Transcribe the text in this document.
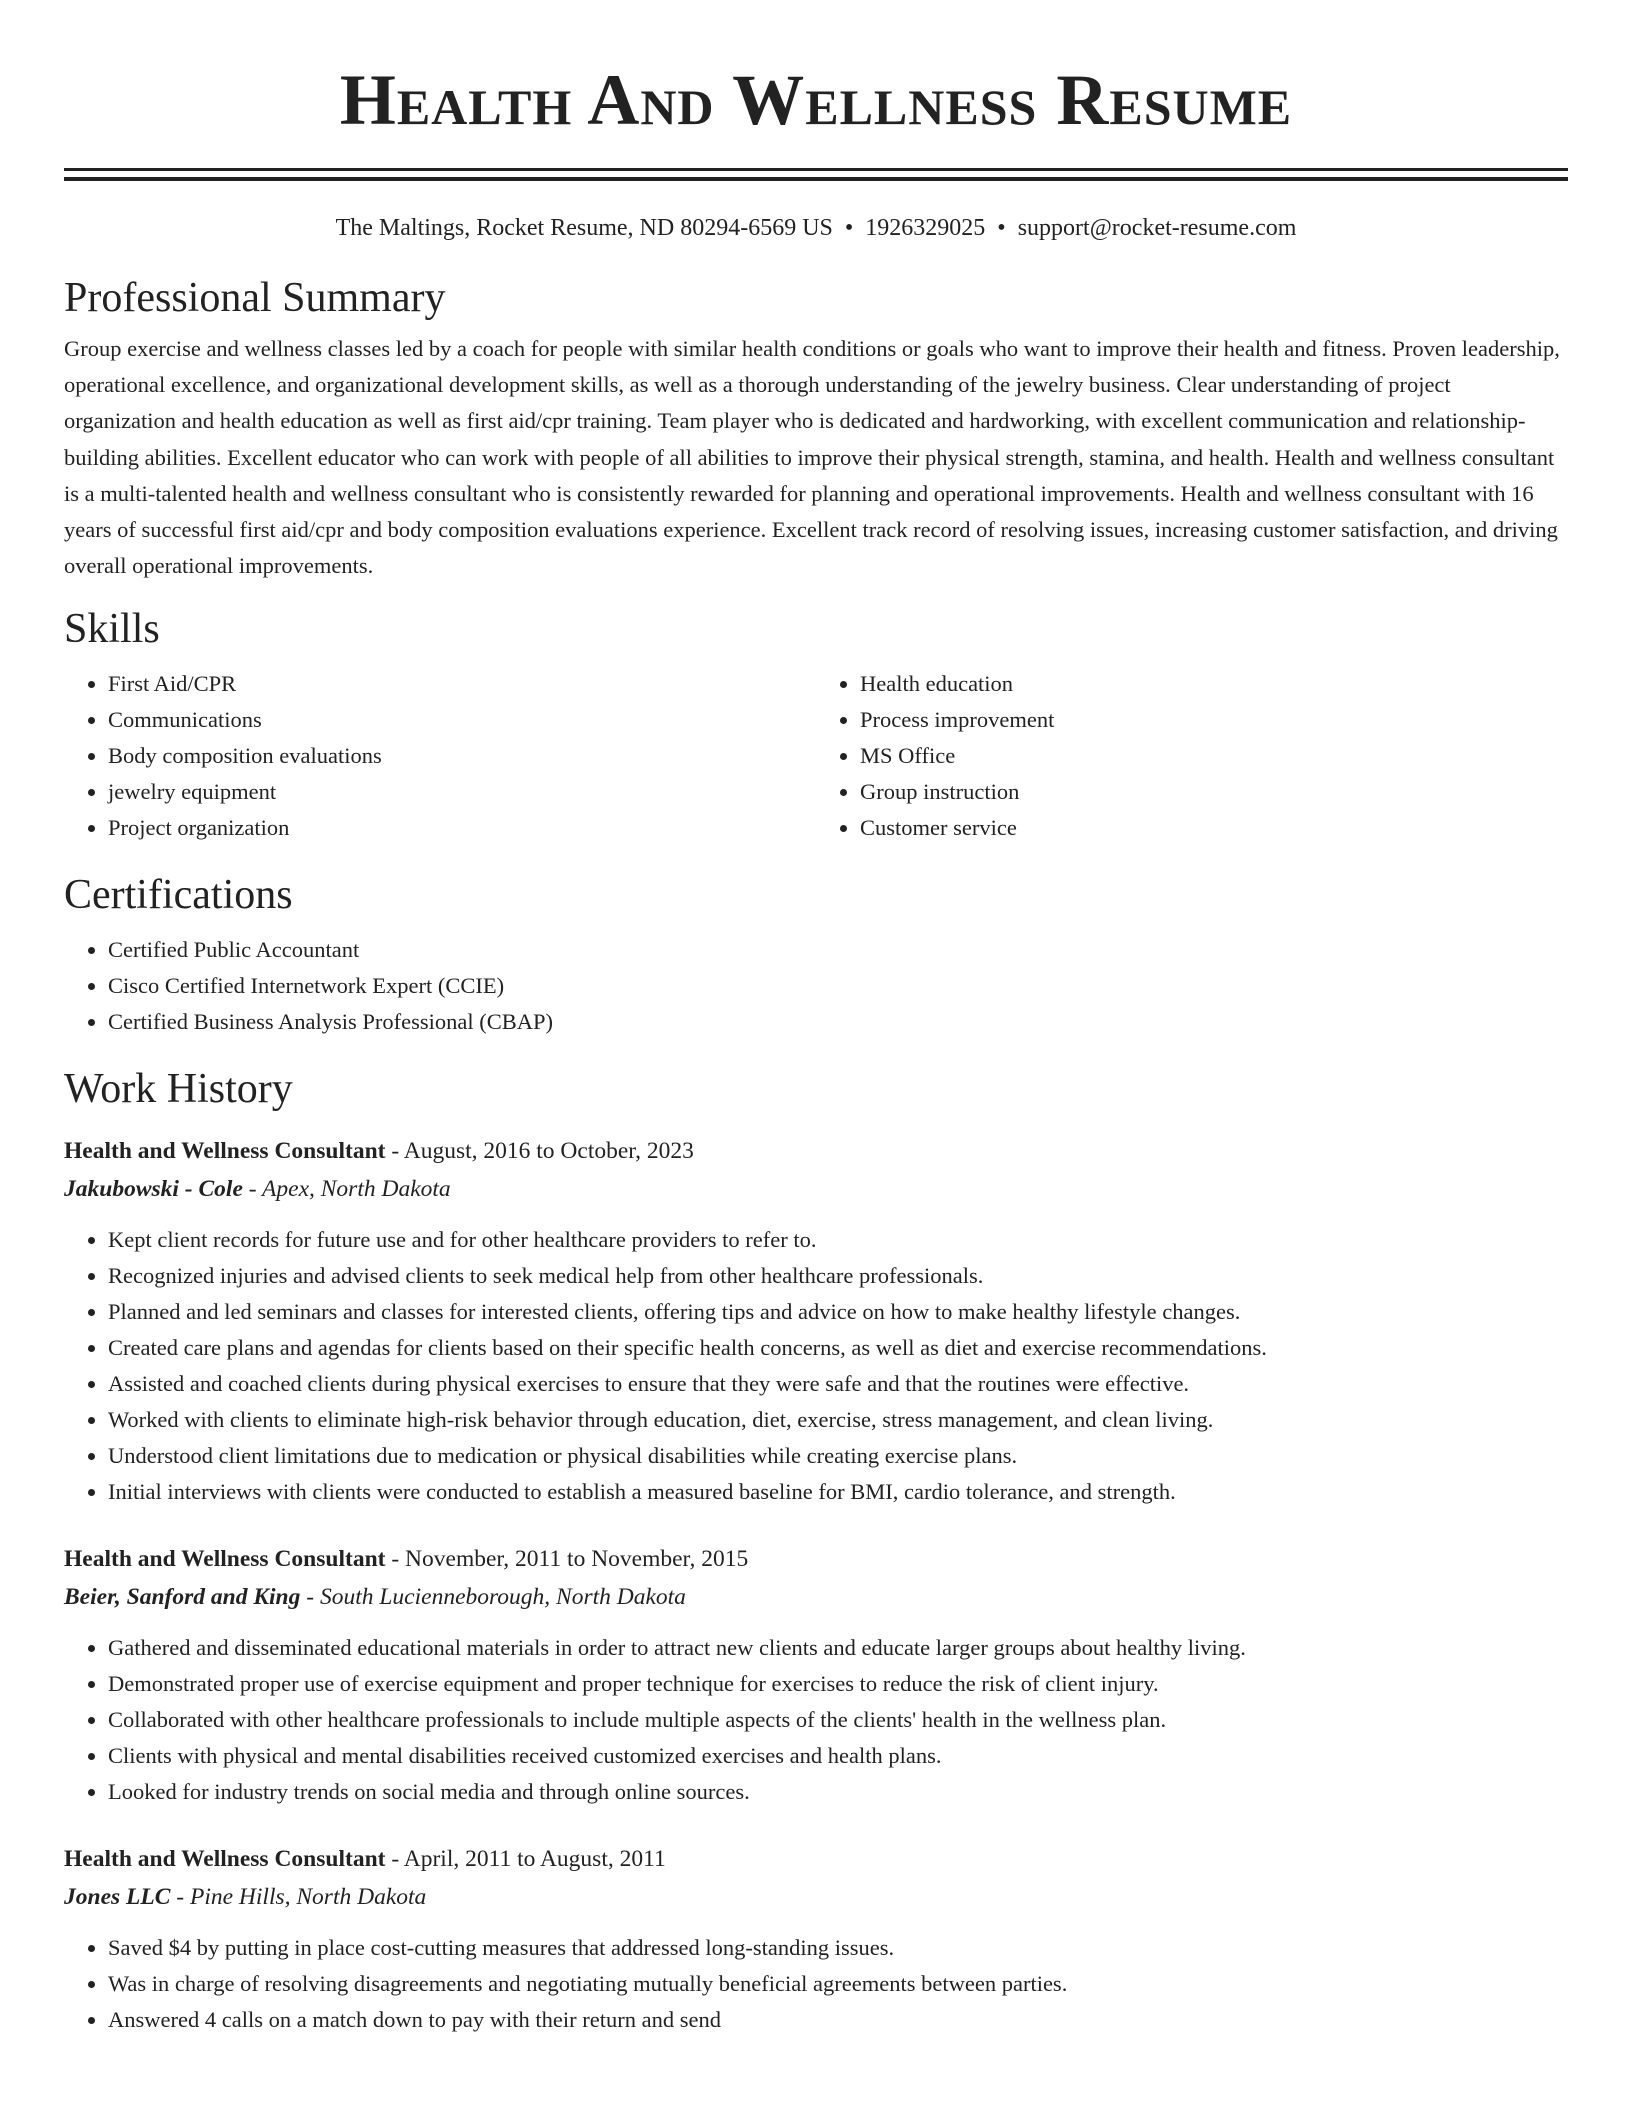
Health And Wellness Resume
The Maltings, Rocket Resume, ND 80294-6569 US • 1926329025 • support@rocket-resume.com
Professional Summary

Group exercise and wellness classes led by a coach for people with similar health conditions or goals who want to improve their health and fitness. Proven leadership, operational excellence, and organizational development skills, as well as a thorough understanding of the jewelry business. Clear understanding of project organization and health education as well as first aid/cpr training. Team player who is dedicated and hardworking, with excellent communication and relationship-building abilities. Excellent educator who can work with people of all abilities to improve their physical strength, stamina, and health. Health and wellness consultant is a multi-talented health and wellness consultant who is consistently rewarded for planning and operational improvements. Health and wellness consultant with 16 years of successful first aid/cpr and body composition evaluations experience. Excellent track record of resolving issues, increasing customer satisfaction, and driving overall operational improvements.

Skills
• First Aid/CPR
• Communications
• Body composition evaluations
• jewelry equipment
• Project organization
• Health education
• Process improvement
• MS Office
• Group instruction
• Customer service
Certifications
• Certified Public Accountant
• Cisco Certified Internetwork Expert (CCIE)
• Certified Business Analysis Professional (CBAP)
Work History
Health and Wellness Consultant - August, 2016 to October, 2023
Jakubowski - Cole - Apex, North Dakota
• Kept client records for future use and for other healthcare providers to refer to.
• Recognized injuries and advised clients to seek medical help from other healthcare professionals.
• Planned and led seminars and classes for interested clients, offering tips and advice on how to make healthy lifestyle changes.
• Created care plans and agendas for clients based on their specific health concerns, as well as diet and exercise recommendations.
• Assisted and coached clients during physical exercises to ensure that they were safe and that the routines were effective.
• Worked with clients to eliminate high-risk behavior through education, diet, exercise, stress management, and clean living.
• Understood client limitations due to medication or physical disabilities while creating exercise plans.
• Initial interviews with clients were conducted to establish a measured baseline for BMI, cardio tolerance, and strength.
Health and Wellness Consultant - November, 2011 to November, 2015
Beier, Sanford and King - South Lucienneborough, North Dakota
• Gathered and disseminated educational materials in order to attract new clients and educate larger groups about healthy living.
• Demonstrated proper use of exercise equipment and proper technique for exercises to reduce the risk of client injury.
• Collaborated with other healthcare professionals to include multiple aspects of the clients' health in the wellness plan.
• Clients with physical and mental disabilities received customized exercises and health plans.
• Looked for industry trends on social media and through online sources.
Health and Wellness Consultant - April, 2011 to August, 2011
Jones LLC - Pine Hills, North Dakota
• Saved $4 by putting in place cost-cutting measures that addressed long-standing issues.
• Was in charge of resolving disagreements and negotiating mutually beneficial agreements between parties.
• Answered 4 calls on a match down to pay with their return and send
